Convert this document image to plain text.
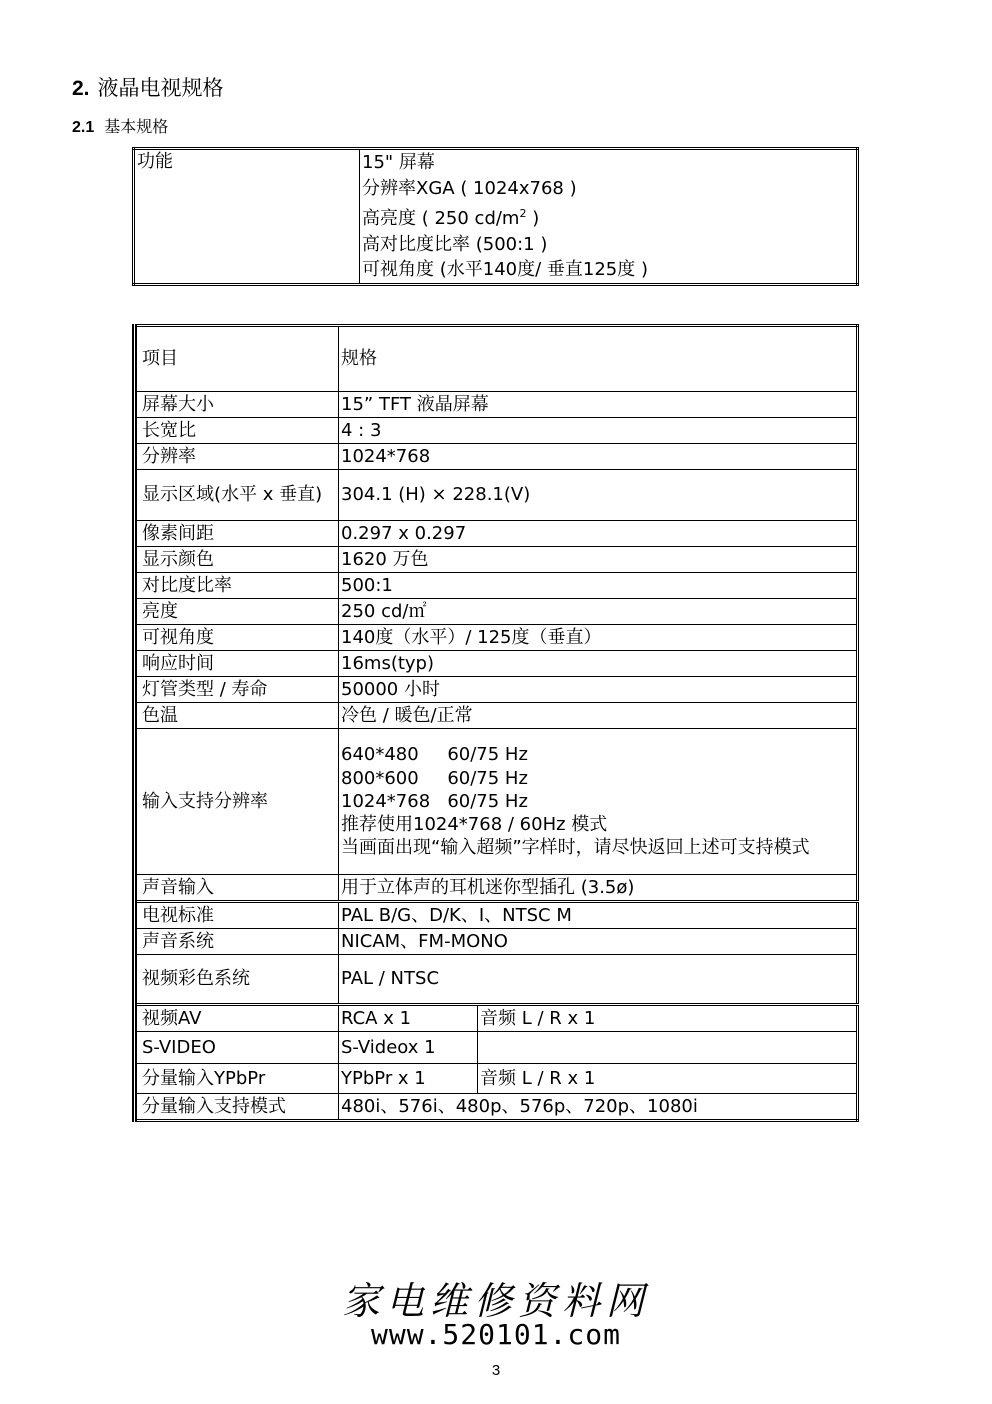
2. 液晶电视规格
2.1 基本规格
功能	15" 屏幕
分辨率XGA ( 1024x768 )
高亮度 ( 250 $cd/m^2$ )
高对比度比率 (500:1 )
可视角度 (水平140度/ 垂直125度 )
项目	规格	
屏幕大小	15” TFT 液晶屏幕	
长宽比	4 : 3	
分辨率	1024*768	
显示区域(水平 x 垂直)	304.1 (H) × 228.1(V)	
像素间距	0.297 x 0.297	
显示颜色	1620 万色	
对比度比率	500:1	
亮度	250 cd/㎡	
可视角度	140度（水平）/ 125度（垂直）	
响应时间	16ms(typ)	
灯管类型 / 寿命	50000 小时	
色温	冷色 / 暖色/正常	
输入支持分辨率	640*480     60/75 Hz
800*600     60/75 Hz
1024*768   60/75 Hz
推荐使用1024*768 / 60Hz 模式
当画面出现“输入超频”字样时，请尽快返回上述可支持模式	

声音输入	用于立体声的耳机迷你型插孔 (3.5ø)	
电视标准	PAL B/G、D/K、I、NTSC M	
声音系统	NICAM、FM-MONO	
视频彩色系统	PAL / NTSC	
视频AV	RCA x 1	音频 L / R x 1
S-VIDEO	S-Videox 1	
分量输入YPbPr	YPbPr x 1	音频 L / R x 1
分量输入支持模式	480i、576i、480p、576p、720p、1080i	
家电维修资料网
www.520101.com
3
